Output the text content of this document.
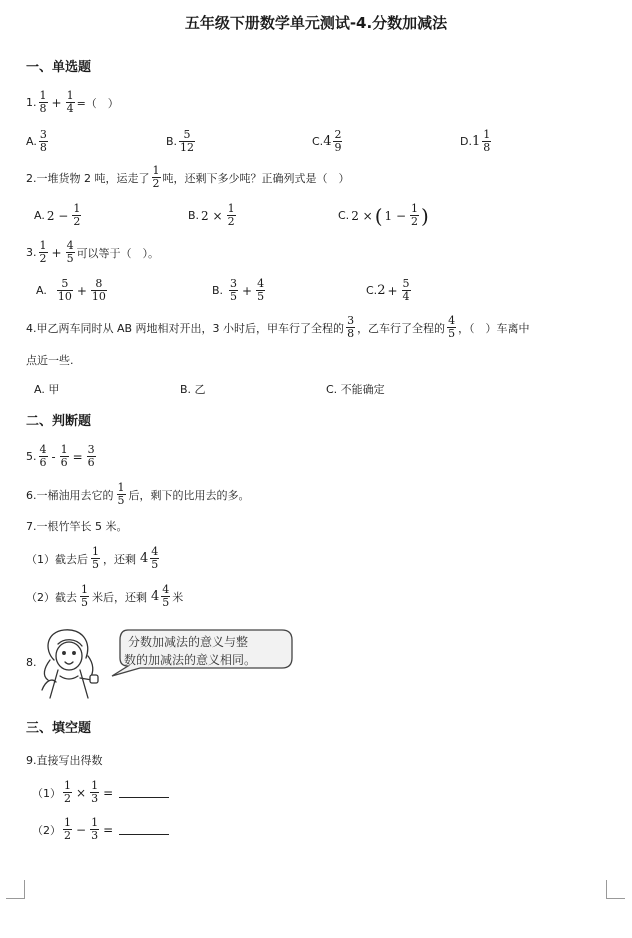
五年级下册数学单元测试-4.分数加减法
一、单选题
1. $\frac{1}{8} + \frac{1}{4}$ =（　）
A. $\frac{3}{8}$	B. $\frac{5}{12}$	C. $4 \frac{2}{9}$	D. $1 \frac{1}{8}$
2.一堆货物 2 吨，运走了 $\frac{1}{2}$ 吨，还剩下多少吨？正确列式是（　）
A. $2 - \frac{1}{2}$	B. $2 \times \frac{1}{2}$	C. 2 × ( $1 - \frac{1}{2}$ )
3. $\frac{1}{2} + \frac{4}{5}$ 可以等于（　）。
A. $\frac{5}{10} + \frac{8}{10}$	B. $\frac{3}{5} + \frac{4}{5}$	C. $2 + \frac{5}{4}$
4.甲乙两车同时从 AB 两地相对开出，3 小时后，甲车行了全程的 $\frac{3}{8}$ ，乙车行了全程的 $\frac{4}{5}$ ，（　）车离中
点近一些.
A. 甲	B. 乙	C. 不能确定
二、判断题
5. $\frac{4}{6} - \frac{1}{6} = \frac{3}{6}$
6.一桶油用去它的 $\frac{1}{5}$ 后，剩下的比用去的多。
7.一根竹竿长 5 米。
（1）截去后 $\frac{1}{5}$ ，还剩 $4 \frac{4}{5}$
（2）截去 $\frac{1}{5}$ 米后，还剩 $4 \frac{4}{5}$ 米
8.
分数加减法的意义与整
数的加减法的意义相同。
三、填空题
9.直接写出得数
$(1) \frac{1}{2} \times \frac{1}{3}$ =
$(2) \frac{1}{2} - \frac{1}{3}$ =
